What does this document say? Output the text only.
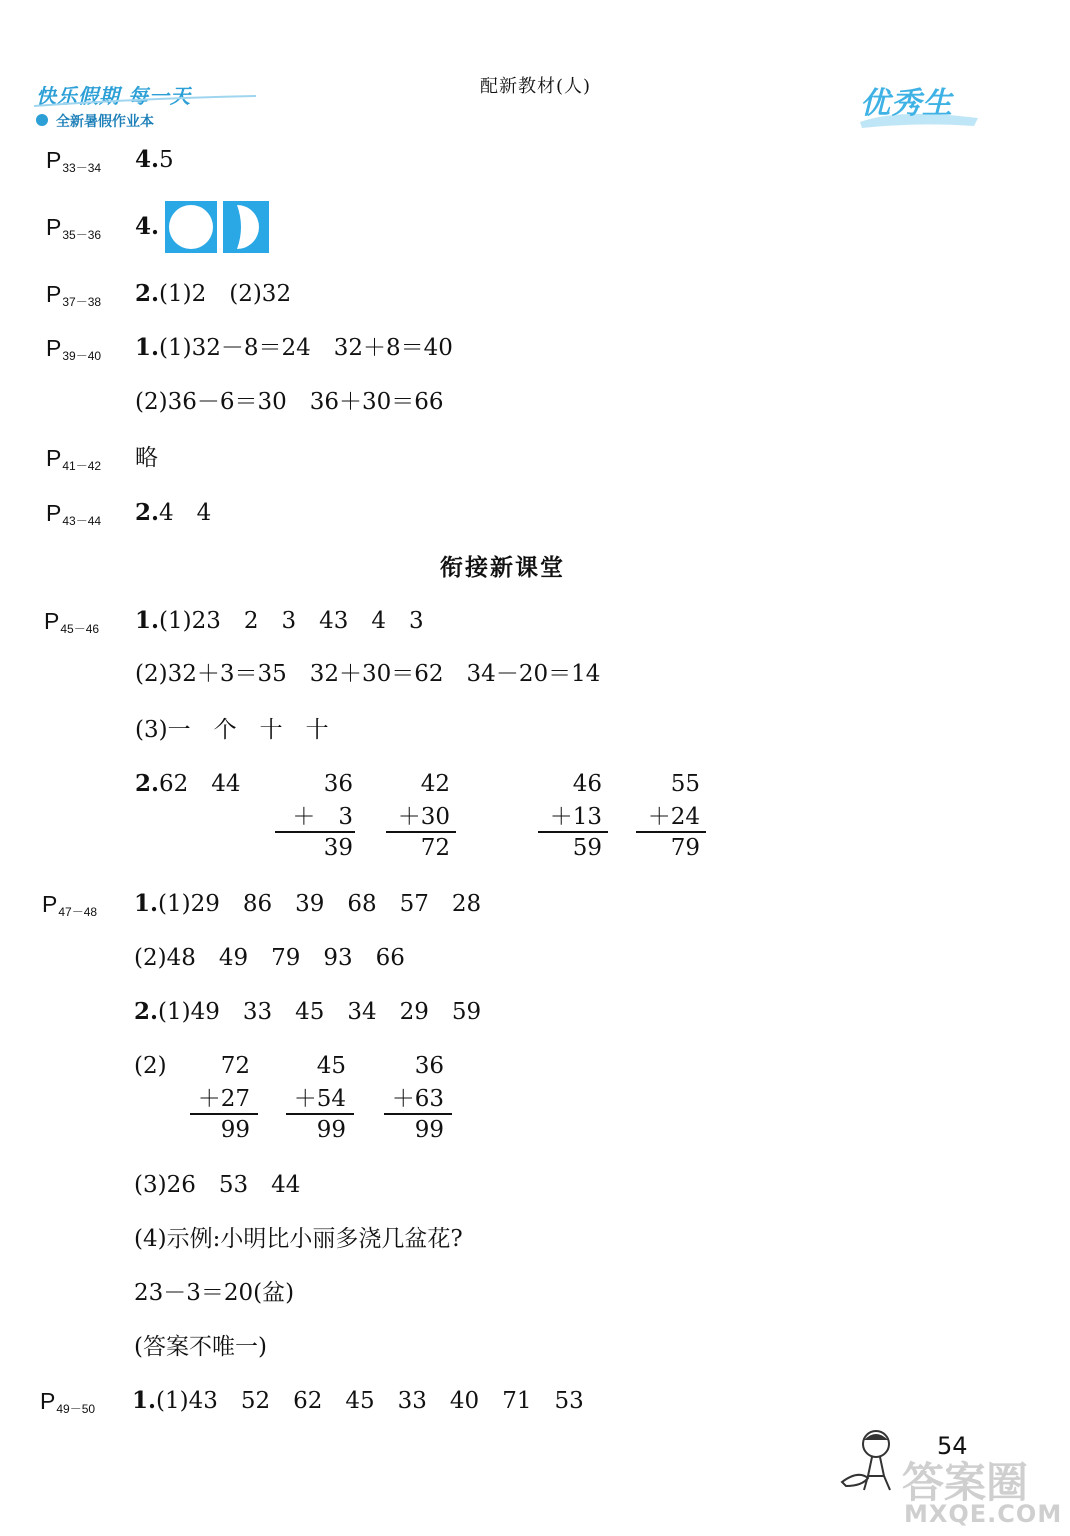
快乐假期 每一天
全新暑假作业本
配新教材(人)	优秀生
$P_{33-34}$ 4.5
$P_{35-36}$ 4.
$P_{37-38}$ 2.(1)2　(2)32
$P_{39-40}$ 1.(1)32－8＝24　32＋8＝40
(2)36－6＝30　36＋30＝66
$P_{41-42}$ 略
$P_{43-44}$ 2.4　4
衔接新课堂
$P_{45-46}$ 1.(1)23　2　3　43　4　3
(2)32＋3＝35　32＋30＝62　34－20＝14
(3)一　个　十　十
2.62　44	36
＋　3
39
42
＋30
72
46
＋13
59
55
＋24
79
$P_{47-48}$ 1.(1)29　86　39　68　57　28
(2)48　49　79　93　66
2.(1)49　33　45　34　29　59
(2) 72
＋27
99
45
＋54
99
36
＋63
99
(3)26　53　44
(4)示例:小明比小丽多浇几盆花?
23－3＝20(盆)
(答案不唯一)
$P_{49-50}$ 1.(1)43　52　62　45　33　40　71　53
54
答案圈
MXQE.COM
